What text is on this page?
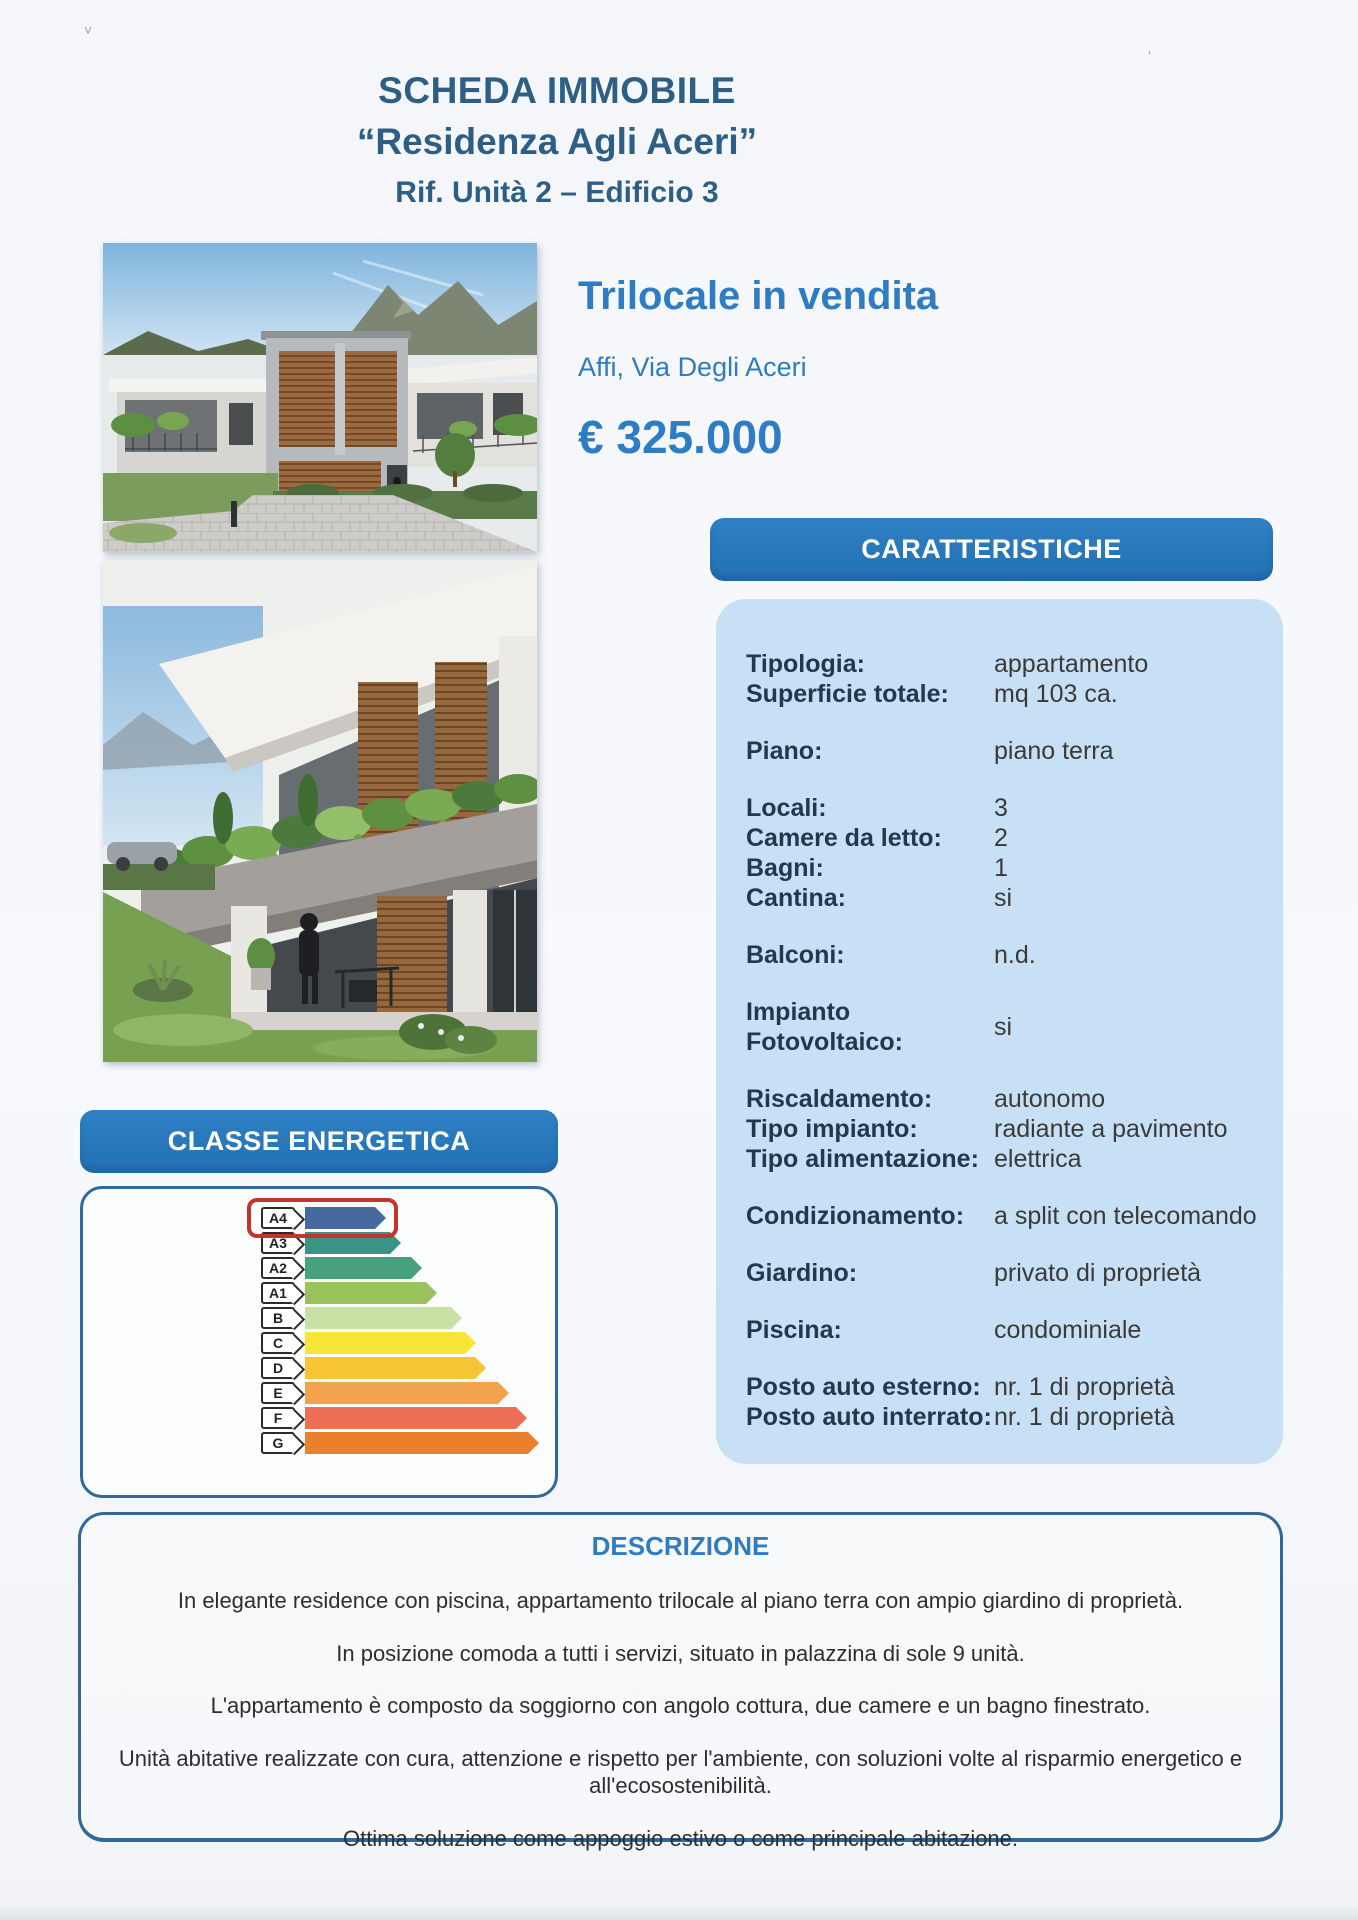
˅
ʻ
SCHEDA IMMOBILE
“Residenza Agli Aceri”
Rif. Unità 2 – Edificio 3
Trilocale in vendita
Affi, Via Degli Aceri
€ 325.000
CARATTERISTICHE
Tipologia:	appartamento
Superficie totale:	mq 103 ca.
Piano:	piano terra
Locali:	3
Camere da letto:	2
Bagni:	1
Cantina:	si
Balconi:	n.d.
Impianto Fotovoltaico:
si
Riscaldamento:	autonomo
Tipo impianto:	radiante a pavimento
Tipo alimentazione: elettrica
Condizionamento:	a split con telecomando
Giardino:	privato di proprietà
Piscina:	condominiale
Posto auto esterno: nr. 1 di proprietà
Posto auto interrato: nr. 1 di proprietà
CLASSE ENERGETICA
A4
A3
A2
A1
B
C
D
E
F
G
DESCRIZIONE
In elegante residence con piscina, appartamento trilocale al piano terra con ampio giardino di proprietà.
In posizione comoda a tutti i servizi, situato in palazzina di sole 9 unità.
L'appartamento è composto da soggiorno con angolo cottura, due camere e un bagno finestrato.
Unità abitative realizzate con cura, attenzione e rispetto per l'ambiente, con soluzioni volte al risparmio energetico e all'ecosostenibilità.
Ottima soluzione come appoggio estivo o come principale abitazione.
